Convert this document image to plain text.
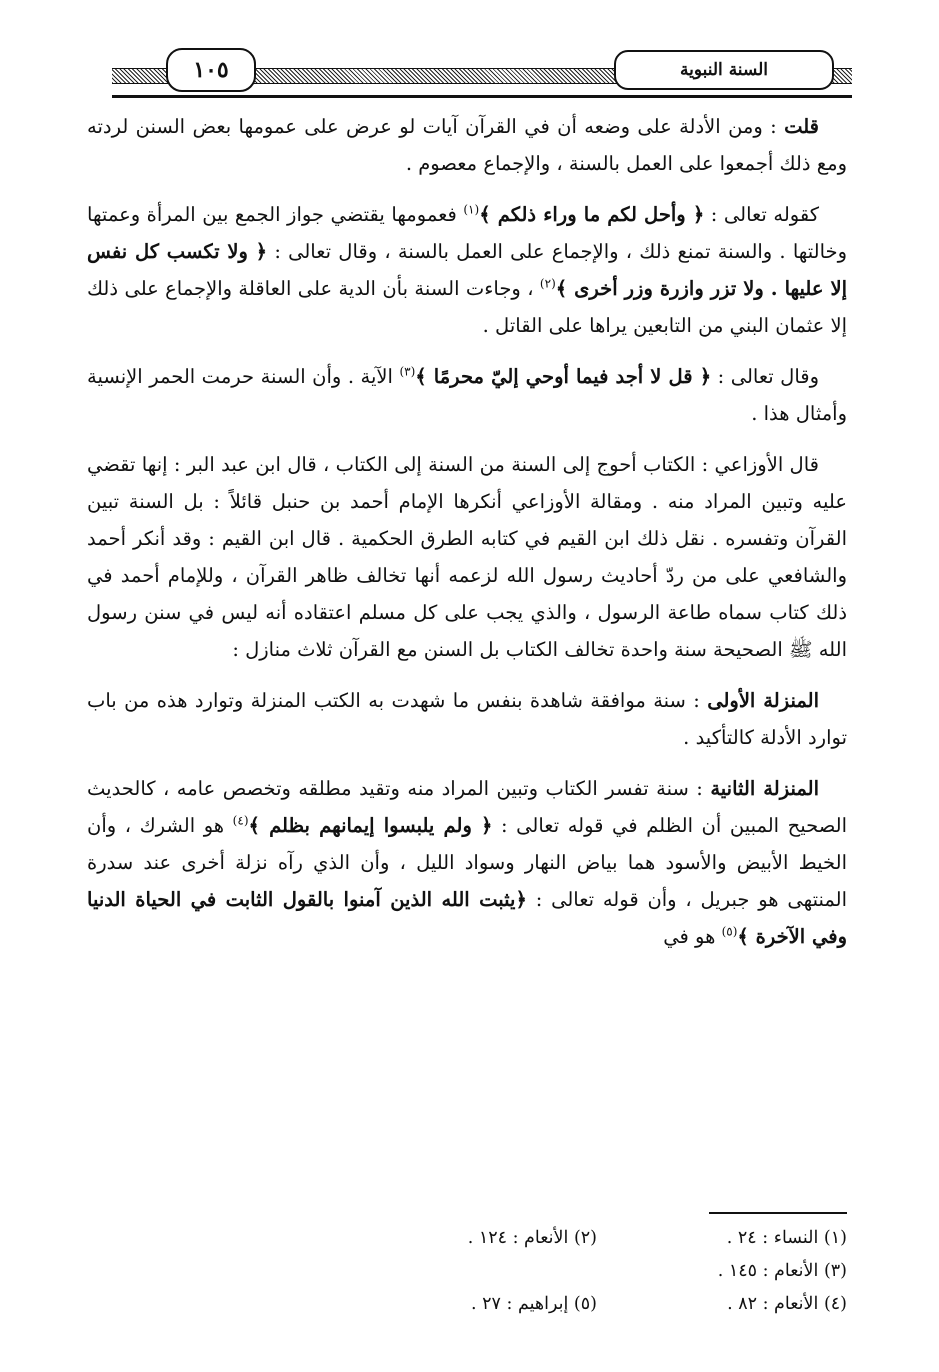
السنة النبوية
١٠٥

قلت : ومن الأدلة على وضعه أن في القرآن آيات لو عرض على عمومها بعض السنن لردته ومع ذلك أجمعوا على العمل بالسنة ، والإجماع معصوم .

كقوله تعالى : ﴿ وأحل لكم ما وراء ذلكم ﴾$^{(١)}$ فعمومها يقتضي جواز الجمع بين المرأة وعمتها وخالتها . والسنة تمنع ذلك ، والإجماع على العمل بالسنة ، وقال تعالى : ﴿ ولا تكسب كل نفس إلا عليها . ولا تزر وازرة وزر أخرى ﴾$^{(٢)}$ ، وجاءت السنة بأن الدية على العاقلة والإجماع على ذلك إلا عثمان البني من التابعين يراها على القاتل .

وقال تعالى : ﴿ قل لا أجد فيما أوحي إليّ محرمًا ﴾$^{(٣)}$ الآية . وأن السنة حرمت الحمر الإنسية وأمثال هذا .

قال الأوزاعي : الكتاب أحوج إلى السنة من السنة إلى الكتاب ، قال ابن عبد البر : إنها تقضي عليه وتبين المراد منه . ومقالة الأوزاعي أنكرها الإمام أحمد بن حنبل قائلاً : بل السنة تبين القرآن وتفسره . نقل ذلك ابن القيم في كتابه الطرق الحكمية . قال ابن القيم : وقد أنكر أحمد والشافعي على من ردّ أحاديث رسول الله لزعمه أنها تخالف ظاهر القرآن ، وللإمام أحمد في ذلك كتاب سماه طاعة الرسول ، والذي يجب على كل مسلم اعتقاده أنه ليس في سنن رسول الله ﷺ الصحيحة سنة واحدة تخالف الكتاب بل السنن مع القرآن ثلاث منازل :

المنزلة الأولى : سنة موافقة شاهدة بنفس ما شهدت به الكتب المنزلة وتوارد هذه من باب توارد الأدلة كالتأكيد .

المنزلة الثانية : سنة تفسر الكتاب وتبين المراد منه وتقيد مطلقه وتخصص عامه ، كالحديث الصحيح المبين أن الظلم في قوله تعالى : ﴿ ولم يلبسوا إيمانهم بظلم ﴾$^{(٤)}$ هو الشرك ، وأن الخيط الأبيض والأسود هما بياض النهار وسواد الليل ، وأن الذي رآه نزلة أخرى عند سدرة المنتهى هو جبريل ، وأن قوله تعالى : ﴿يثبت الله الذين آمنوا بالقول الثابت في الحياة الدنيا وفي الآخرة ﴾$^{(٥)}$ هو في

(١) النساء : ٢٤ .
(٢) الأنعام : ١٢٤ .
(٣) الأنعام : ١٤٥ .
(٤) الأنعام : ٨٢ .
(٥) إبراهيم : ٢٧ .
